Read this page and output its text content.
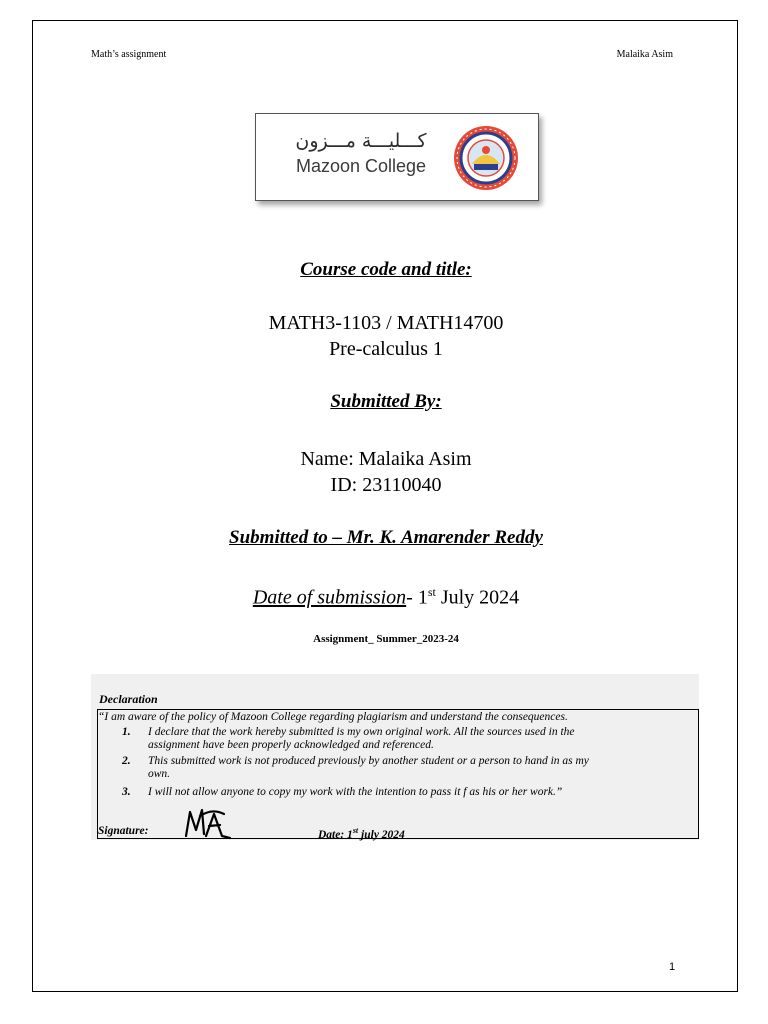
Math’s assignment	Malaika Asim
كـــليـــة مـــزون
Mazoon College
Course code and title:
MATH3-1103 / MATH14700
Pre-calculus 1
Submitted By:
Name: Malaika Asim
ID: 23110040
Submitted to – Mr. K. Amarender Reddy
Date of submission- 1st July 2024
Assignment_ Summer_2023-24
Declaration
“I am aware of the policy of Mazoon College regarding plagiarism and understand the consequences.
1. I declare that the work hereby submitted is my own original work. All the sources used in the
assignment have been properly acknowledged and referenced.
2. This submitted work is not produced previously by another student or a person to hand in as my
own.
3. I will not allow anyone to copy my work with the intention to pass it f as his or her work.”
Signature:	Date: 1st july 2024
1
